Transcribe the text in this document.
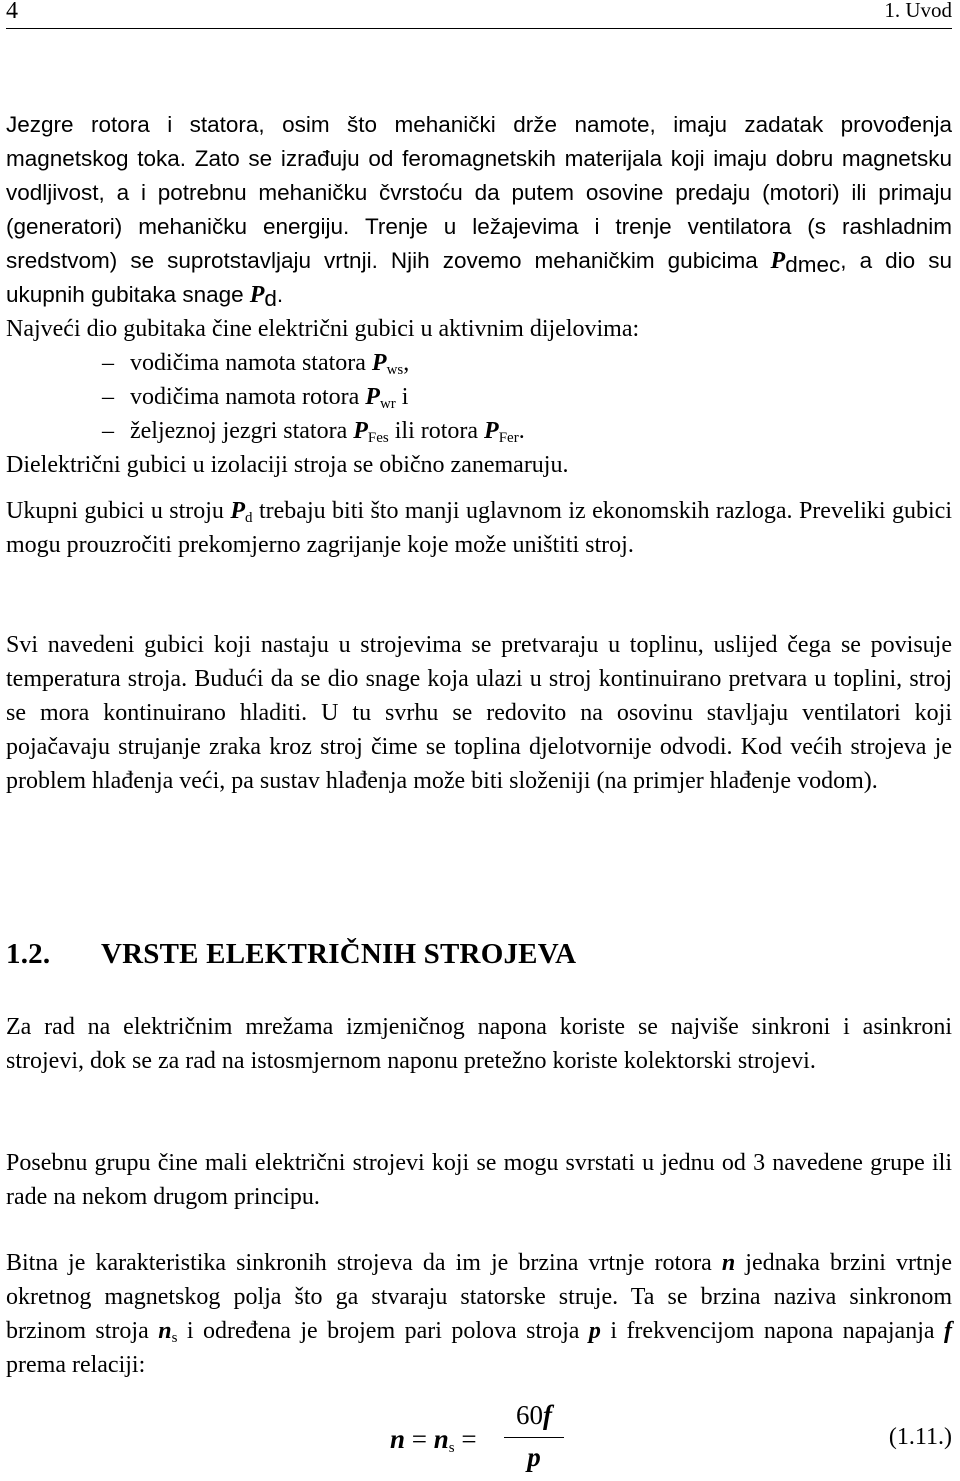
4	1. Uvod
Jezgre rotora i statora, osim što mehanički drže namote, imaju zadatak provođenja magnetskog toka. Zato se izrađuju od feromagnetskih materijala koji imaju dobru magnetsku vodljivost, a i potrebnu mehaničku čvrstoću da putem osovine predaju (motori) ili primaju (generatori) mehaničku energiju. Trenje u ležajevima i trenje ventilatora (s rashladnim sredstvom) se suprotstavljaju vrtnji. Njih zovemo mehaničkim gubicima $P_{dmec}$, a dio su ukupnih gubitaka snage $P_d$.
Najveći dio gubitaka čine električni gubici u aktivnim dijelovima:
– vodičima namota statora $P_{ws}$,
– vodičima namota rotora $P_{wr}$ i
– željeznoj jezgri statora $P_{Fes}$ ili rotora $P_{Fer}$.
Dielektrični gubici u izolaciji stroja se obično zanemaruju.
Ukupni gubici u stroju $P_d$ trebaju biti što manji uglavnom iz ekonomskih razloga. Preveliki gubici mogu prouzročiti prekomjerno zagrijanje koje može uništiti stroj.
Svi navedeni gubici koji nastaju u strojevima se pretvaraju u toplinu, uslijed čega se povisuje temperatura stroja. Budući da se dio snage koja ulazi u stroj kontinuirano pretvara u toplini, stroj se mora kontinuirano hladiti. U tu svrhu se redovito na osovinu stavljaju ventilatori koji pojačavaju strujanje zraka kroz stroj čime se toplina djelotvornije odvodi. Kod većih strojeva je problem hlađenja veći, pa sustav hlađenja može biti složeniji (na primjer hlađenje vodom).
1.2. VRSTE ELEKTRIČNIH STROJEVA
Za rad na električnim mrežama izmjeničnog napona koriste se najviše sinkroni i asinkroni strojevi, dok se za rad na istosmjernom naponu pretežno koriste kolektorski strojevi.
Posebnu grupu čine mali električni strojevi koji se mogu svrstati u jednu od 3 navedene grupe ili rade na nekom drugom principu.
Bitna je karakteristika sinkronih strojeva da im je brzina vrtnje rotora n jednaka brzini vrtnje okretnog magnetskog polja što ga stvaraju statorske struje. Ta se brzina naziva sinkronom brzinom stroja $n_s$ i određena je brojem pari polova stroja p i frekvencijom napona napajanja f prema relaciji:
$n = n_s$ =
60f
p
(1.11.)
